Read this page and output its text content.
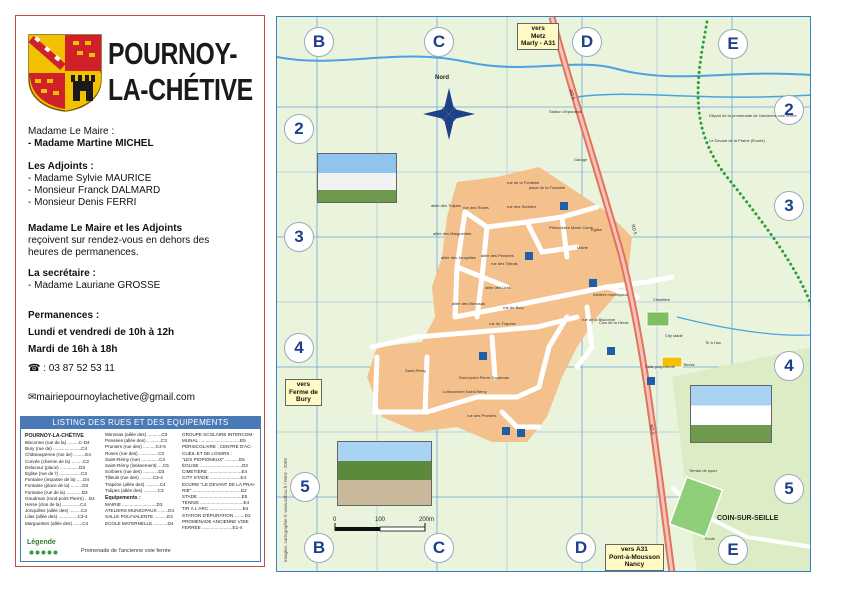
POURNOY-
LA-CHÉTIVE
Madame Le Maire :
- Madame Martine MICHEL
Les Adjoints :
- Madame Sylvie MAURICE
- Monsieur Franck DALMARD
- Monsieur Denis FERRI
Madame Le Maire et les Adjoints
reçoivent sur rendez-vous en dehors des
heures de permanences.
La secrétaire :
- Madame Lauriane GROSSE
Permanences :
Lundi et vendredi de 10h à 12h
Mardi de 16h à 18h
☎ : 03 87 52 53 11
✉mairiepournoylachetive@gmail.com
LISTING DES RUES ET DES EQUIPEMENTS
POURNOY-LA-CHÉTIVE
Bisconne (rue de la) .........C-D4
Bury (rue de) ......................C4
Châteaupenne (rue de) .........E4
Corvée (chemin de la) .........C3
Delacour (place) ...............D3
Eglise (rue de l') .................C3
Fontaine (impasse de la) .....D4
Fontaine (place de la) .........D3
Fontaine (rue de la) ............D3
Goudman (rond-point Pierre) ...D4
Herse (clos de la) ..............C4
Jonquilles (allée des) .........C3
Lilas (allée des) ...............C3-4
Marguerites (allée des) .......C4
Mimosas (allée des) ...........C3
Pensées (allée des) ...........C3
Pruniers (rue des) ..........C4-5
Roses (rue des) ...............C3
Saint-Rémy (rue) ..............C4
Saint-Rémy (lotissement) ....C5
Sorbiers (rue des) ............D3
Tilleuls (rue des) ..........C3-4
Trapèze (allée des) ...........C4
Tulipes (allée des) ...........C3
Equipements :
MAIRIE ...........................D3
ATELIERS MUNICIPAUX ........D4
SALLE POLYVALENTE ..........E4
ECOLE MATERNELLE ...........D4
GROUPE SCOLAIRE INTERCOM-
MUNAL ................................E5
PÉRISCOLAIRE : CENTRE D'AC-
CUEIL ET DE LOISIRS :
"LES PIOPIONEUX" ...........E5
ÉGLISE .................................D3
CIMETIÈRE ..........................E4
CITY STADE ........................E4
ECURIE "LE DEVANT DE LA PRAI-
RIE" ......................................E2
STADE ..................................E5
TENNIS ..................................E4
TIR À L'ARC ..........................E4
STATION D'ÉPURATION ........D2
PROMENADE ANCIENNE VOIE
FERRÉE ........................E1-4
Légende
Promenade de l'ancienne voie ferrée
B	C	D	E
B	C	D	E
2
3
4
5
2
3
4
5
Nord
vers
Metz
Marly - A31
vers
Ferme de
Bury
vers A31
Pont-à-Mousson
Nancy
COIN-SUR-SEILLE
RD 5
RD 5
RD 5
0	100	200m
Imagine, cartographie © www.adbox.fr / Metz - 2009
Station d'épuration
Départ de la promenade de l'ancienne voie ferrée
Le Devant de la Prairie (Écurie)
Garage
place de la Fontaine
Périscolaire Marie Comb
Eglise
Mairie
allée des Tulipes
allée des Marguerites
allée des Jonquilles allée des Pensées
allée des Lilas
allée des Mimosas
Cimetière
City stade
Tir à l'arc
Salle polyvalente Tennis
Terrain de sport
Ecole
Ateliers municipaux
Lotissement Saint-Rémy
Rond-point Pierre Goudman
Saint-Rémy
rue de la Fontaine
rue des Roses	rue des Sorbiers
rue des Tilleuls
rue de Bury
rue du Trapèze
rue de la Bisconne
rue des Pruniers
Clos de la Herse
